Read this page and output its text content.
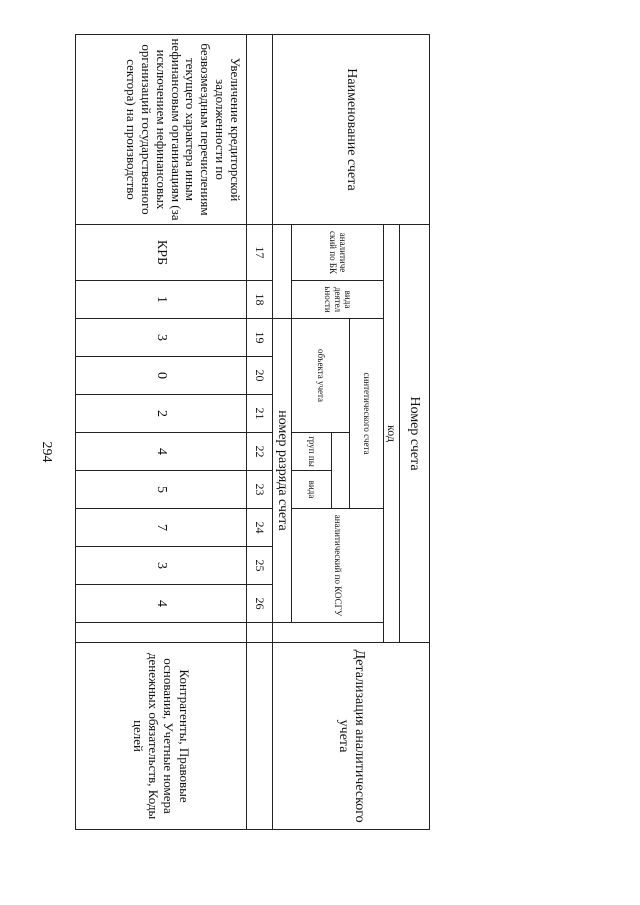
294
Наименование счета	Номер счета											Детализация аналитического учета
	код											
	аналитиче ский по БК	вида деятел ьности	синтетического счета					аналитический по КОСГУ				
			объекта учета									
						груп пы	вида					
			номер разряда счета									
	17	18	19	20	21	22	23	24	25	26		
Увеличение кредиторской задолженности по безвозмездным перечислениям текущего характера иным нефинансовым организациям (за исключением нефинансовых организаций государственного сектора) на производство	КРБ	1	3	0	2	4	5	7	3	4		Контрагенты, Правовые основания, Учетные номера денежных обязательств, Коды целей
